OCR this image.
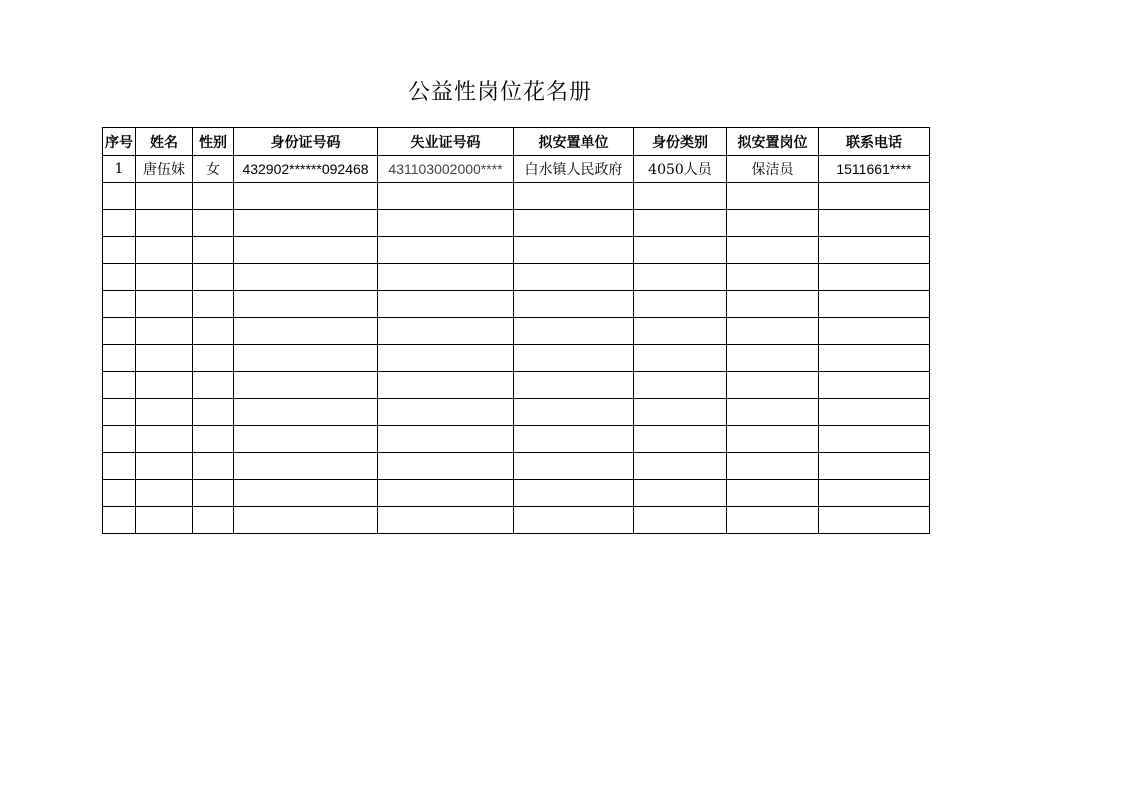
公益性岗位花名册
序号	姓名	性别	身份证号码	失业证号码	拟安置单位	身份类别	拟安置岗位	联系电话
1	唐伍妹	女	432902******092468	431103002000****	白水镇人民政府	4050人员	保洁员	1511661****
